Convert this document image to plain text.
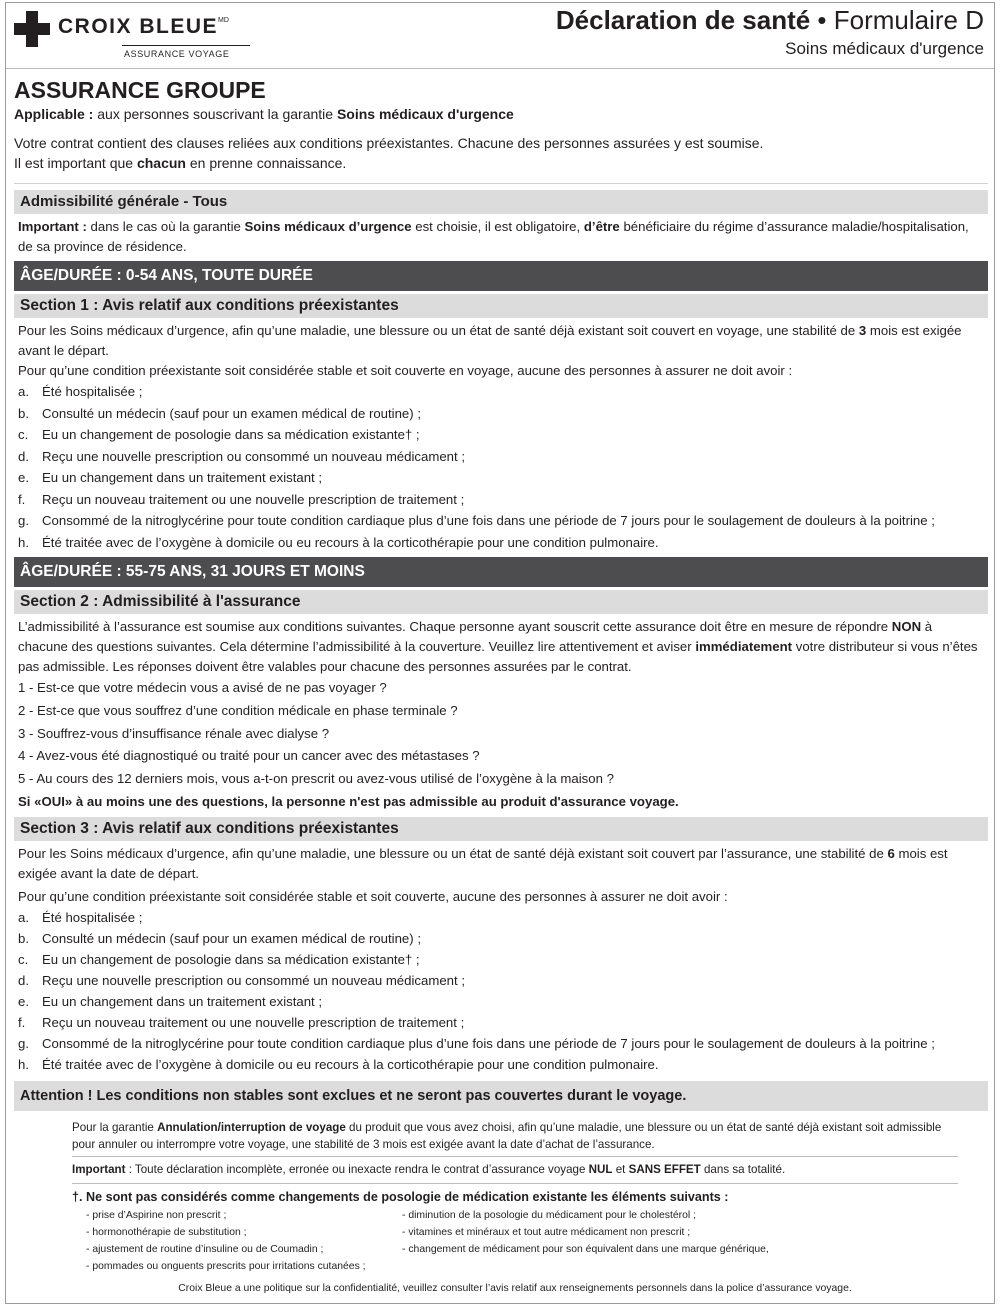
CROIX $BLEUE^{MD}$
ASSURANCE VOYAGE
Déclaration de santé • Formulaire D
Soins médicaux d'urgence
ASSURANCE GROUPE
Applicable : aux personnes souscrivant la garantie Soins médicaux d'urgence
Votre contrat contient des clauses reliées aux conditions préexistantes. Chacune des personnes assurées y est soumise.
Il est important que chacun en prenne connaissance.
Admissibilité générale - Tous

Important : dans le cas où la garantie Soins médicaux d’urgence est choisie, il est obligatoire, d’être bénéficiaire du régime d’assurance maladie/hospitalisation, de sa province de résidence.

ÂGE/DURÉE : 0-54 ANS, TOUTE DURÉE
Section 1 : Avis relatif aux conditions préexistantes

Pour les Soins médicaux d’urgence, afin qu’une maladie, une blessure ou un état de santé déjà existant soit couvert en voyage, une stabilité de 3 mois est exigée avant le départ.

Pour qu’une condition préexistante soit considérée stable et soit couverte en voyage, aucune des personnes à assurer ne doit avoir :

a. Été hospitalisée ;
b. Consulté un médecin (sauf pour un examen médical de routine) ;
c.	Eu un changement de posologie dans sa médication existante† ;
d. Reçu une nouvelle prescription ou consommé un nouveau médicament ;
e. Eu un changement dans un traitement existant ;
f.	Reçu un nouveau traitement ou une nouvelle prescription de traitement ;
g. Consommé de la nitroglycérine pour toute condition cardiaque plus d’une fois dans une période de 7 jours pour le soulagement de douleurs à la poitrine ;
h. Été traitée avec de l’oxygène à domicile ou eu recours à la corticothérapie pour une condition pulmonaire.
ÂGE/DURÉE : 55-75 ANS, 31 JOURS ET MOINS
Section 2 : Admissibilité à l'assurance

L’admissibilité à l’assurance est soumise aux conditions suivantes. Chaque personne ayant souscrit cette assurance doit être en mesure de répondre NON à chacune des questions suivantes. Cela détermine l’admissibilité à la couverture. Veuillez lire attentivement et aviser immédiatement votre distributeur si vous n’êtes pas admissible. Les réponses doivent être valables pour chacune des personnes assurées par le contrat.

1 - Est-ce que votre médecin vous a avisé de ne pas voyager ?
2 - Est-ce que vous souffrez d’une condition médicale en phase terminale ?
3 - Souffrez-vous d’insuffisance rénale avec dialyse ?
4 - Avez-vous été diagnostiqué ou traité pour un cancer avec des métastases ?
5 - Au cours des 12 derniers mois, vous a-t-on prescrit ou avez-vous utilisé de l’oxygène à la maison ?
Si «OUI» à au moins une des questions, la personne n'est pas admissible au produit d'assurance voyage.
Section 3 : Avis relatif aux conditions préexistantes

Pour les Soins médicaux d’urgence, afin qu’une maladie, une blessure ou un état de santé déjà existant soit couvert par l’assurance, une stabilité de 6 mois est exigée avant la date de départ.

Pour qu’une condition préexistante soit considérée stable et soit couverte, aucune des personnes à assurer ne doit avoir :

a. Été hospitalisée ;
b. Consulté un médecin (sauf pour un examen médical de routine) ;
c.	Eu un changement de posologie dans sa médication existante† ;
d. Reçu une nouvelle prescription ou consommé un nouveau médicament ;
e. Eu un changement dans un traitement existant ;
f.	Reçu un nouveau traitement ou une nouvelle prescription de traitement ;
g. Consommé de la nitroglycérine pour toute condition cardiaque plus d’une fois dans une période de 7 jours pour le soulagement de douleurs à la poitrine ;
h. Été traitée avec de l’oxygène à domicile ou eu recours à la corticothérapie pour une condition pulmonaire.
Attention ! Les conditions non stables sont exclues et ne seront pas couvertes durant le voyage.
Pour la garantie Annulation/interruption de voyage du produit que vous avez choisi, afin qu’une maladie, une blessure ou un état de santé déjà existant soit admissible pour annuler ou interrompre votre voyage, une stabilité de 3 mois est exigée avant la date d’achat de l’assurance.
Important : Toute déclaration incomplète, erronée ou inexacte rendra le contrat d’assurance voyage NUL et SANS EFFET dans sa totalité.
†. Ne sont pas considérés comme changements de posologie de médication existante les éléments suivants :
- prise d’Aspirine non prescrit ;
- hormonothérapie de substitution ;
- ajustement de routine d’insuline ou de Coumadin ;
- pommades ou onguents prescrits pour irritations cutanées ;
- diminution de la posologie du médicament pour le cholestérol ;
- vitamines et minéraux et tout autre médicament non prescrit ;
- changement de médicament pour son équivalent dans une marque générique,
Croix Bleue a une politique sur la confidentialité, veuillez consulter l’avis relatif aux renseignements personnels dans la police d’assurance voyage.
